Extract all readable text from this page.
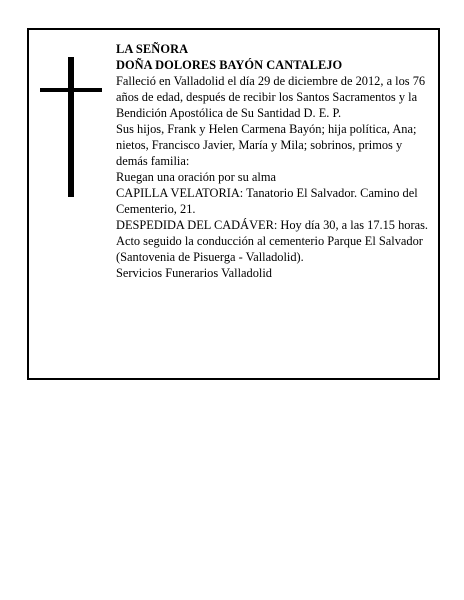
LA SEÑORA

DOÑA DOLORES BAYÓN CANTALEJO

Falleció en Valladolid el día 29 de diciembre de 2012, a los 76 años de edad, después de recibir los Santos Sacramentos y la Bendición Apostólica de Su Santidad D. E. P.

Sus hijos, Frank y Helen Carmena Bayón; hija política, Ana; nietos, Francisco Javier, María y Mila; sobrinos, primos y demás familia:

Ruegan una oración por su alma

CAPILLA VELATORIA: Tanatorio El Salvador. Camino del Cementerio, 21.

DESPEDIDA DEL CADÁVER: Hoy día 30, a las 17.15 horas. Acto seguido la conducción al cementerio Parque El Salvador (Santovenia de Pisuerga - Valladolid).

Servicios Funerarios Valladolid
